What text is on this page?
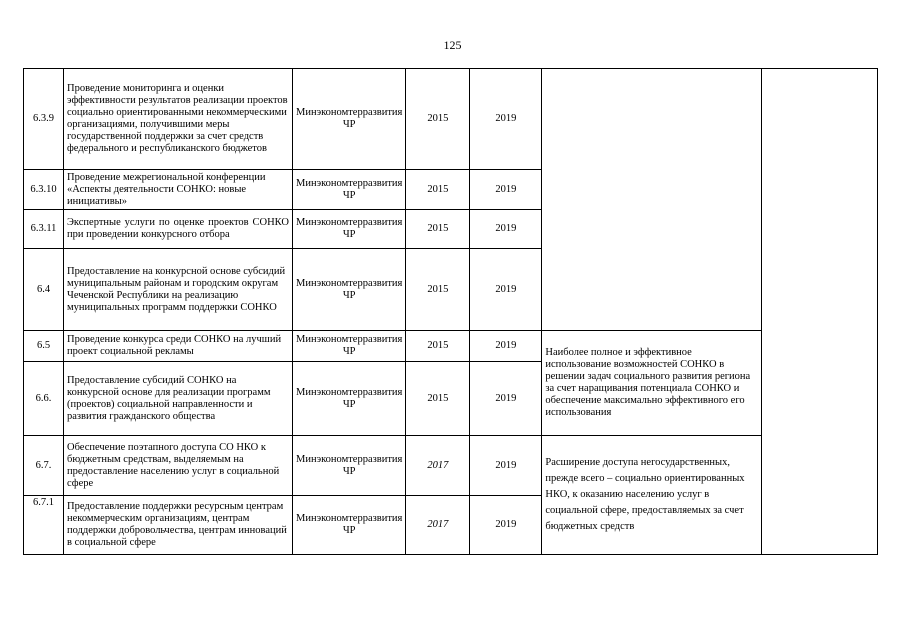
125
6.3.9	Проведение мониторинга и оценки эффективности результатов реализации проектов социально ориентированными некоммерческими организациями, получившими меры государственной поддержки за счет средств федерального и республиканского бюджетов	Минэкономтерразвития ЧР	2015	2019		
6.3.10	Проведение межрегиональной конференции «Аспекты деятельности СОНКО: новые инициативы»	Минэкономтерразвития ЧР	2015	2019		
6.3.11	Экспертные услуги по оценке проектов СОНКО при проведении конкурсного отбора	Минэкономтерразвития ЧР	2015	2019		
6.4	Предоставление на конкурсной основе субсидий муниципальным районам и городским округам Чеченской Республики на реализацию муниципальных программ поддержки СОНКО	Минэкономтерразвития ЧР	2015	2019		
6.5	Проведение конкурса среди СОНКО на лучший проект социальной рекламы	Минэкономтерразвития ЧР	2015	2019	Наиболее полное и эффективное использование возможностей СОНКО в решении задач социального развития региона за счет наращивания потенциала СОНКО и обеспечение максимально эффективного его использования	
6.6.	Предоставление субсидий СОНКО на конкурсной основе для реализации программ (проектов) социальной направленности и развития гражданского общества	Минэкономтерразвития ЧР	2015	2019		
6.7.	Обеспечение поэтапного доступа СО НКО к бюджетным средствам, выделяемым на предоставление населению услуг в социальной сфере	Минэкономтерразвития ЧР	2017	2019	Расширение доступа негосударственных, прежде всего – социально ориентированных НКО, к оказанию населению услуг в социальной сфере, предоставляемых за счет бюджетных средств	
6.7.1	Предоставление поддержки ресурсным центрам некоммерческим организациям, центрам поддержки добровольчества, центрам инноваций в социальной сфере	Минэкономтерразвития ЧР	2017	2019		
